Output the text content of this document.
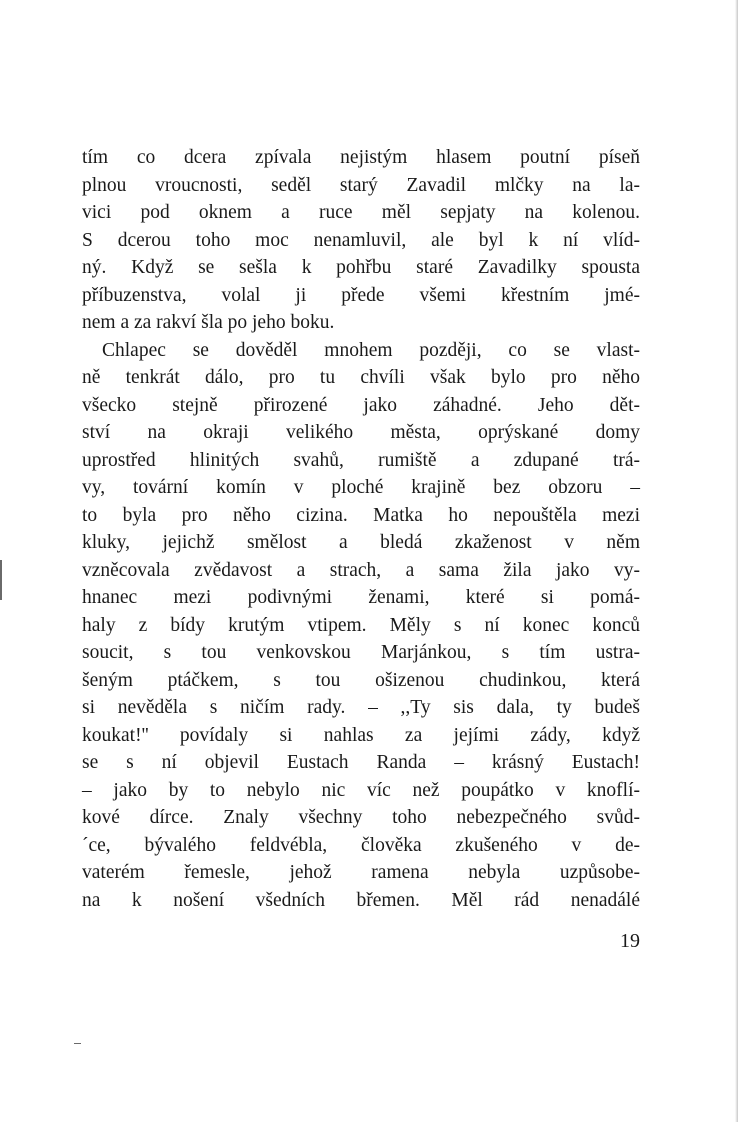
tím co dcera zpívala nejistým hlasem poutní píseň
plnou vroucnosti, seděl starý Zavadil mlčky na la-
vici pod oknem a ruce měl sepjaty na kolenou.
S dcerou toho moc nenamluvil, ale byl k ní vlíd-
ný. Když se sešla k pohřbu staré Zavadilky spousta
příbuzenstva, volal ji přede všemi křestním jmé-
nem a za rakví šla po jeho boku.
Chlapec se dověděl mnohem později, co se vlast-
ně tenkrát dálo, pro tu chvíli však bylo pro něho
všecko stejně přirozené jako záhadné. Jeho dět-
ství na okraji velikého města, oprýskané domy
uprostřed hlinitých svahů, rumiště a zdupané trá-
vy, tovární komín v ploché krajině bez obzoru –
to byla pro něho cizina. Matka ho nepouštěla mezi
kluky, jejichž smělost a bledá zkaženost v něm
vzněcovala zvědavost a strach, a sama žila jako vy-
hnanec mezi podivnými ženami, které si pomá-
haly z bídy krutým vtipem. Měly s ní konec konců
soucit, s tou venkovskou Marjánkou, s tím ustra-
šeným ptáčkem, s tou ošizenou chudinkou, která
si nevěděla s ničím rady. – ,,Ty sis dala, ty budeš
koukat!'' povídaly si nahlas za jejími zády, když
se s ní objevil Eustach Randa – krásný Eustach!
– jako by to nebylo nic víc než poupátko v knoflí-
kové dírce. Znaly všechny toho nebezpečného svůd-
´ce, bývalého feldvébla, člověka zkušeného v de-
vaterém řemesle, jehož ramena nebyla uzpůsobe-
na k nošení všedních břemen. Měl rád nenadálé
19
